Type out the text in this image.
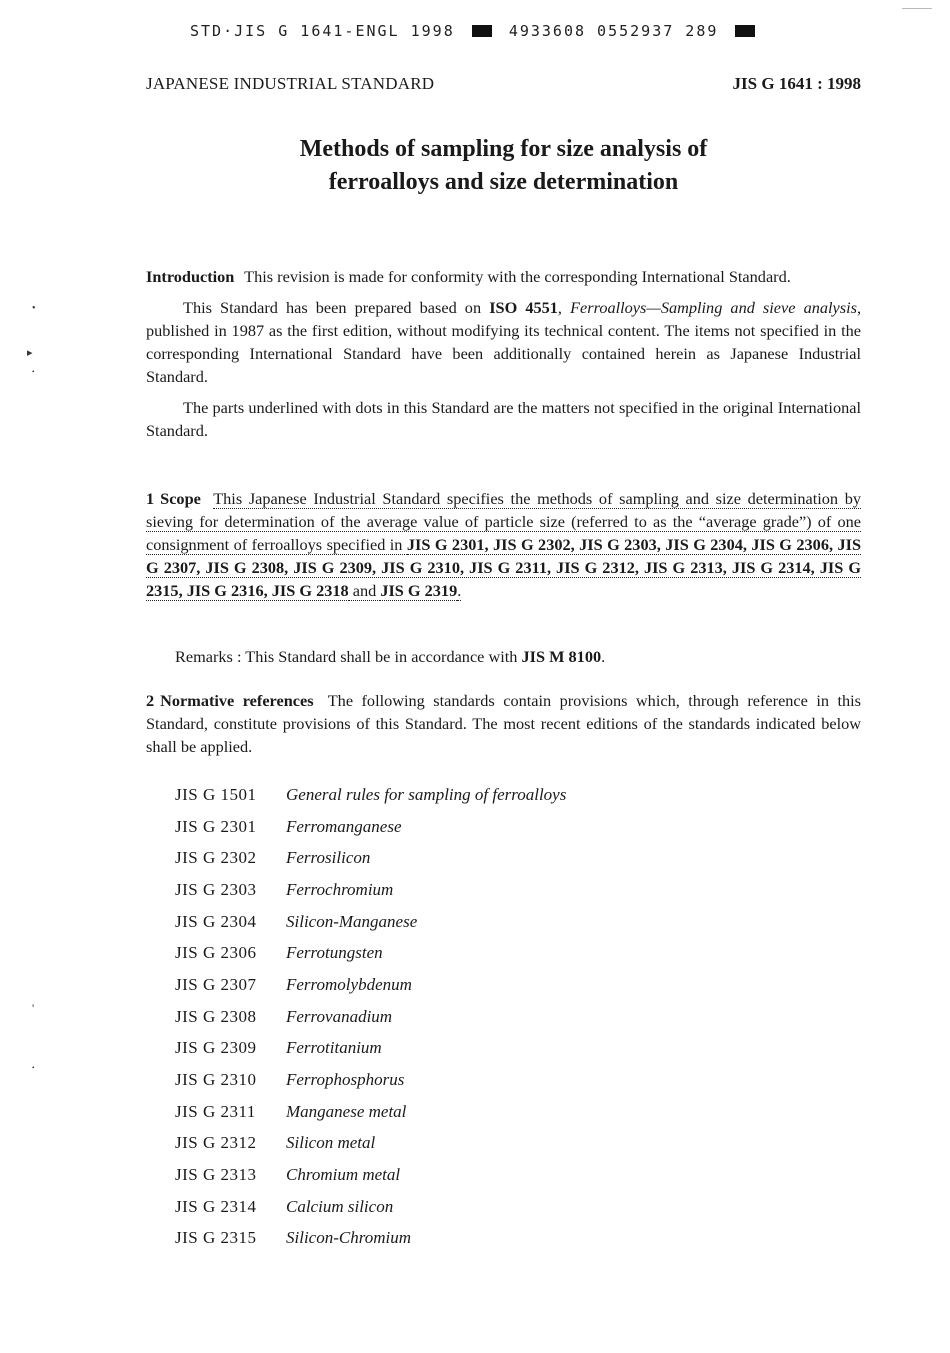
STD·JIS G 1641-ENGL 1998	4933608 0552937 289
JAPANESE INDUSTRIAL STANDARD	JIS G 1641 : 1998
Methods of sampling for size analysis of
ferroalloys and size determination

Introduction This revision is made for conformity with the corresponding International Standard.

This Standard has been prepared based on ISO 4551, Ferroalloys—Sampling and sieve analysis, published in 1987 as the first edition, without modifying its technical content. The items not specified in the corresponding International Standard have been additionally contained herein as Japanese Industrial Standard.

The parts underlined with dots in this Standard are the matters not specified in the original International Standard.

1 Scope This Japanese Industrial Standard specifies the methods of sampling and size determination by sieving for determination of the average value of particle size (referred to as the “average grade”) of one consignment of ferroalloys specified in JIS G 2301, JIS G 2302, JIS G 2303, JIS G 2304, JIS G 2306, JIS G 2307, JIS G 2308, JIS G 2309, JIS G 2310, JIS G 2311, JIS G 2312, JIS G 2313, JIS G 2314, JIS G 2315, JIS G 2316, JIS G 2318 and JIS G 2319.

Remarks : This Standard shall be in accordance with JIS M 8100.

2 Normative references The following standards contain provisions which, through reference in this Standard, constitute provisions of this Standard. The most recent editions of the standards indicated below shall be applied.

JIS G 1501	General rules for sampling of ferroalloys
JIS G 2301	Ferromanganese
JIS G 2302	Ferrosilicon
JIS G 2303	Ferrochromium
JIS G 2304	Silicon-Manganese
JIS G 2306	Ferrotungsten
JIS G 2307	Ferromolybdenum
JIS G 2308	Ferrovanadium
JIS G 2309	Ferrotitanium
JIS G 2310	Ferrophosphorus
JIS G 2311	Manganese metal
JIS G 2312	Silicon metal
JIS G 2313	Chromium metal
JIS G 2314	Calcium silicon
JIS G 2315	Silicon-Chromium
•
▸
•
'
•
